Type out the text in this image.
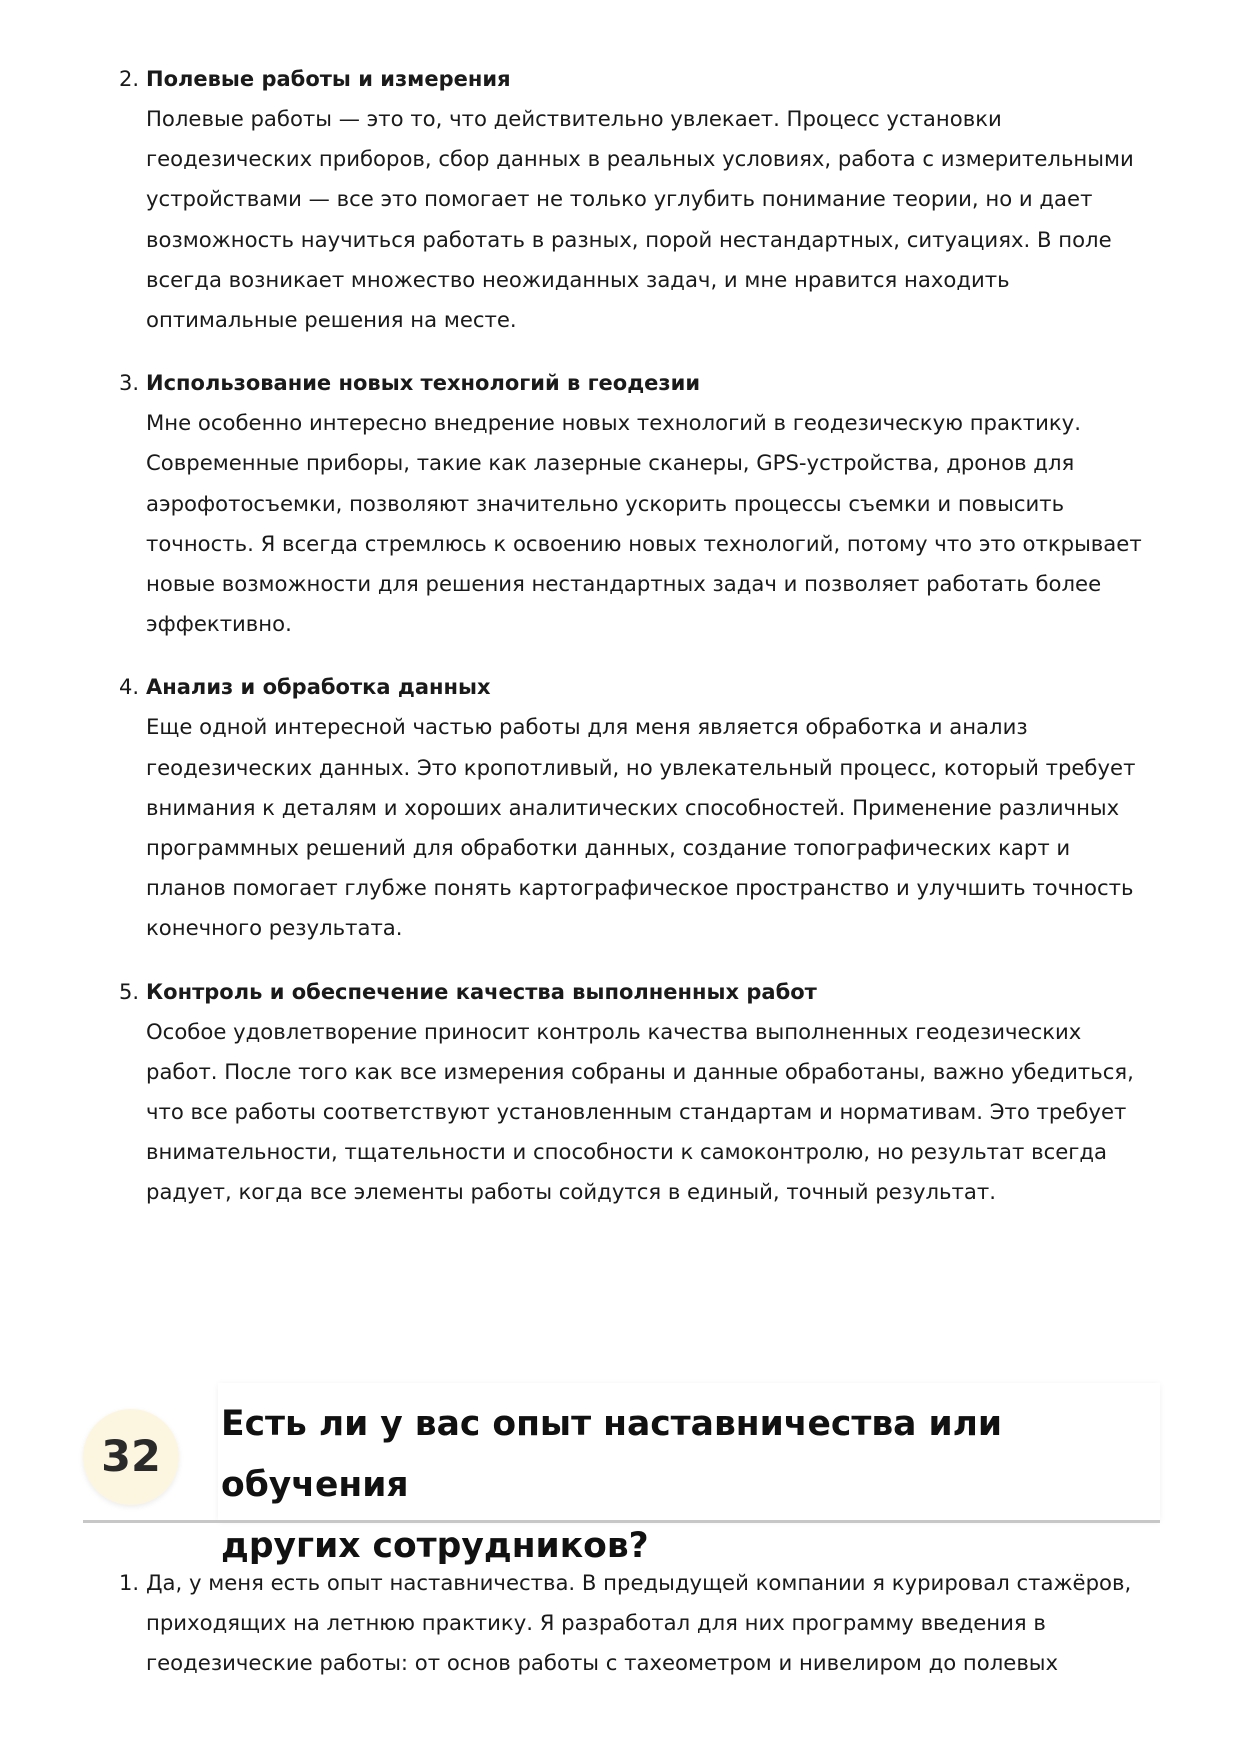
2. Полевые работы и измерения

Полевые работы — это то, что действительно увлекает. Процесс установки
геодезических приборов, сбор данных в реальных условиях, работа с измерительными
устройствами — все это помогает не только углубить понимание теории, но и дает
возможность научиться работать в разных, порой нестандартных, ситуациях. В поле
всегда возникает множество неожиданных задач, и мне нравится находить
оптимальные решения на месте.
3. Использование новых технологий в геодезии

Мне особенно интересно внедрение новых технологий в геодезическую практику.
Современные приборы, такие как лазерные сканеры, GPS-устройства, дронов для
аэрофотосъемки, позволяют значительно ускорить процессы съемки и повысить
точность. Я всегда стремлюсь к освоению новых технологий, потому что это открывает
новые возможности для решения нестандартных задач и позволяет работать более
эффективно.
4. Анализ и обработка данных

Еще одной интересной частью работы для меня является обработка и анализ
геодезических данных. Это кропотливый, но увлекательный процесс, который требует
внимания к деталям и хороших аналитических способностей. Применение различных
программных решений для обработки данных, создание топографических карт и
планов помогает глубже понять картографическое пространство и улучшить точность
конечного результата.
5. Контроль и обеспечение качества выполненных работ

Особое удовлетворение приносит контроль качества выполненных геодезических
работ. После того как все измерения собраны и данные обработаны, важно убедиться,
что все работы соответствуют установленным стандартам и нормативам. Это требует
внимательности, тщательности и способности к самоконтролю, но результат всегда
радует, когда все элементы работы сойдутся в единый, точный результат.
32
Есть ли у вас опыт наставничества или обучения
других сотрудников?
1. Да, у меня есть опыт наставничества. В предыдущей компании я курировал стажёров,
приходящих на летнюю практику. Я разработал для них программу введения в
геодезические работы: от основ работы с тахеометром и нивелиром до полевых
